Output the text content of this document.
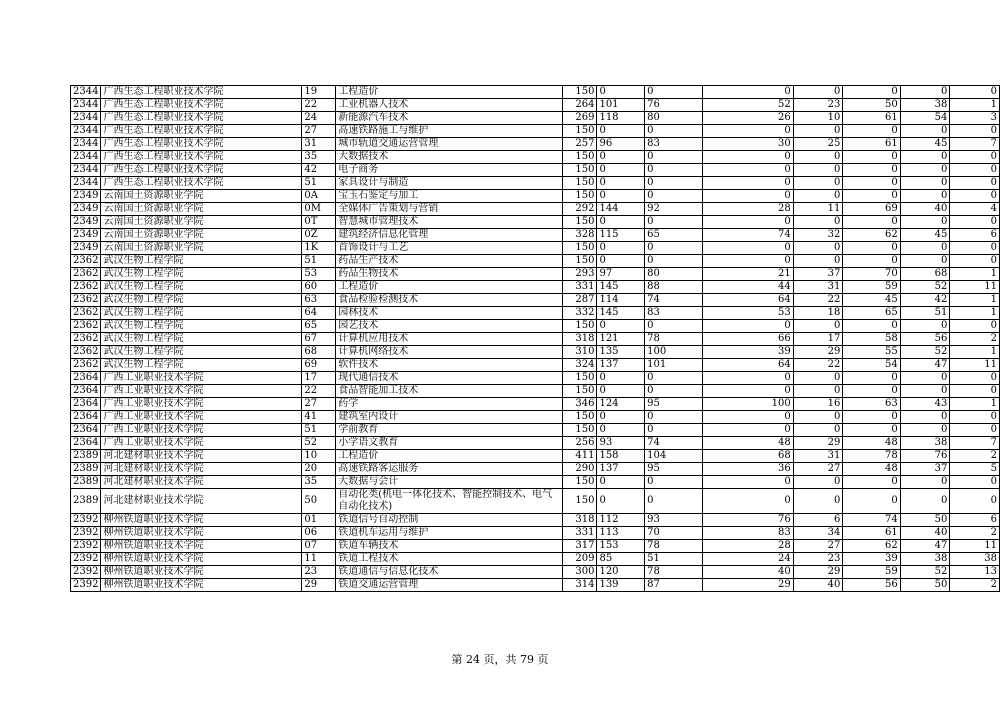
2344	广西生态工程职业技术学院	19	工程造价	150	0	0	0	0	0	0	0
2344	广西生态工程职业技术学院	22	工业机器人技术	264	101	76	52	23	50	38	1
2344	广西生态工程职业技术学院	24	新能源汽车技术	269	118	80	26	10	61	54	3
2344	广西生态工程职业技术学院	27	高速铁路施工与维护	150	0	0	0	0	0	0	0
2344	广西生态工程职业技术学院	31	城市轨道交通运营管理	257	96	83	30	25	61	45	7
2344	广西生态工程职业技术学院	35	大数据技术	150	0	0	0	0	0	0	0
2344	广西生态工程职业技术学院	42	电子商务	150	0	0	0	0	0	0	0
2344	广西生态工程职业技术学院	51	家具设计与制造	150	0	0	0	0	0	0	0
2349	云南国土资源职业学院	0A	宝玉石鉴定与加工	150	0	0	0	0	0	0	0
2349	云南国土资源职业学院	0M	全媒体广告策划与营销	292	144	92	28	11	69	40	4
2349	云南国土资源职业学院	0T	智慧城市管理技术	150	0	0	0	0	0	0	0
2349	云南国土资源职业学院	0Z	建筑经济信息化管理	328	115	65	74	32	62	45	6
2349	云南国土资源职业学院	1K	首饰设计与工艺	150	0	0	0	0	0	0	0
2362	武汉生物工程学院	51	药品生产技术	150	0	0	0	0	0	0	0
2362	武汉生物工程学院	53	药品生物技术	293	97	80	21	37	70	68	1
2362	武汉生物工程学院	60	工程造价	331	145	88	44	31	59	52	11
2362	武汉生物工程学院	63	食品检验检测技术	287	114	74	64	22	45	42	1
2362	武汉生物工程学院	64	园林技术	332	145	83	53	18	65	51	1
2362	武汉生物工程学院	65	园艺技术	150	0	0	0	0	0	0	0
2362	武汉生物工程学院	67	计算机应用技术	318	121	78	66	17	58	56	2
2362	武汉生物工程学院	68	计算机网络技术	310	135	100	39	29	55	52	1
2362	武汉生物工程学院	69	软件技术	324	137	101	64	22	54	47	11
2364	广西工业职业技术学院	17	现代通信技术	150	0	0	0	0	0	0	0
2364	广西工业职业技术学院	22	食品智能加工技术	150	0	0	0	0	0	0	0
2364	广西工业职业技术学院	27	药学	346	124	95	100	16	63	43	1
2364	广西工业职业技术学院	41	建筑室内设计	150	0	0	0	0	0	0	0
2364	广西工业职业技术学院	51	学前教育	150	0	0	0	0	0	0	0
2364	广西工业职业技术学院	52	小学语文教育	256	93	74	48	29	48	38	7
2389	河北建材职业技术学院	10	工程造价	411	158	104	68	31	78	76	2
2389	河北建材职业技术学院	20	高速铁路客运服务	290	137	95	36	27	48	37	5
2389	河北建材职业技术学院	35	大数据与会计	150	0	0	0	0	0	0	0
2389	河北建材职业技术学院	50	自动化类(机电一体化技术、智能控制技术、电气自动化技术)	150	0	0	0	0	0	0	0
2392	柳州铁道职业技术学院	01	铁道信号自动控制	318	112	93	76	6	74	50	6
2392	柳州铁道职业技术学院	06	铁道机车运用与维护	331	113	70	83	34	61	40	2
2392	柳州铁道职业技术学院	07	铁道车辆技术	317	153	78	28	27	62	47	11
2392	柳州铁道职业技术学院	11	铁道工程技术	209	85	51	24	23	39	38	38
2392	柳州铁道职业技术学院	23	铁道通信与信息化技术	300	120	78	40	29	59	52	13
2392	柳州铁道职业技术学院	29	铁道交通运营管理	314	139	87	29	40	56	50	2
第 24 页，共 79 页
